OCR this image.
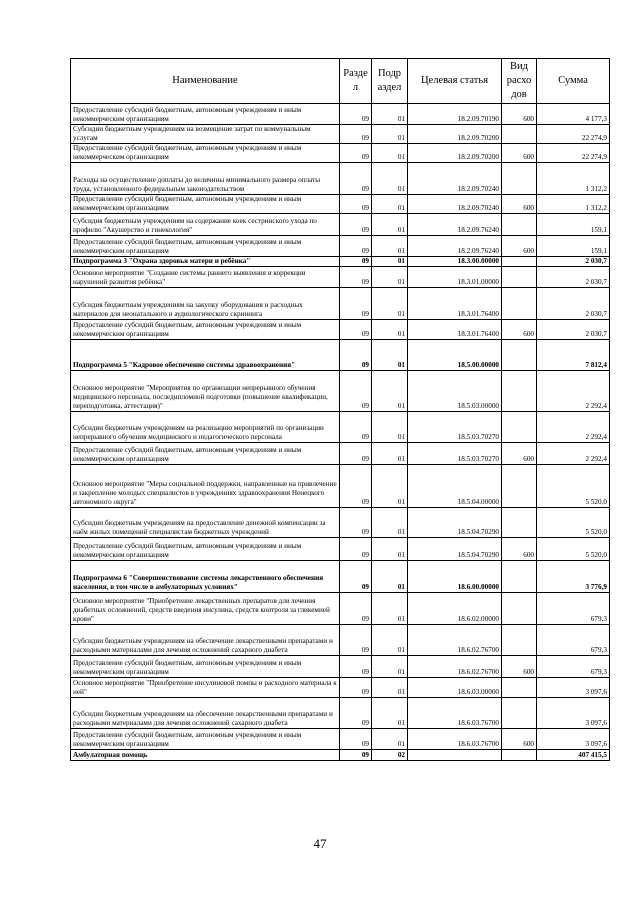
Наименование	Разде л	Подр аздел	Целевая статья	Вид расхо дов	Сумма
Предоставление субсидий бюджетным, автономным учреждениям и иным некоммерческим организациям	09	01	18.2.09.70190	600	4 177,3
Субсидии бюджетным учреждениям на возмещение затрат по коммунальным услугам	09	01	18.2.09.70200		22 274,9
Предоставление субсидий бюджетным, автономным учреждениям и иным некоммерческим организациям	09	01	18.2.09.70200	600	22 274,9
Расходы на осуществление доплаты до величины минимального размера оплаты труда, установленного федеральным законодательством	09	01	18.2.09.70240		1 312,2
Предоставление субсидий бюджетным, автономным учреждениям и иным некоммерческим организациям	09	01	18.2.09.70240	600	1 312,2
Субсидия бюджетным учреждениям на содержание коек сестринского ухода по профилю "Акушерство и гинекология"	09	01	18.2.09.76240		159,1
Предоставление субсидий бюджетным, автономным учреждениям и иным некоммерческим организациям	09	01	18.2.09.76240	600	159,1
Подпрограмма 3 "Охрана здоровья матери и ребёнка"	09	01	18.3.00.00000		2 030,7
Основное мероприятие "Создание системы раннего выявления и коррекции нарушений развития ребёнка"	09	01	18.3.01.00000		2 030,7
Субсидия бюджетным учреждениям на закупку оборудования и расходных материалов для неонатального и аудиологического скрининга	09	01	18.3.01.76400		2 030,7
Предоставление субсидий бюджетным, автономным учреждениям и иным некоммерческим организациям	09	01	18.3.01.76400	600	2 030,7
Подпрограмма 5 "Кадровое обеспечение системы здравоохранения"	09	01	18.5.00.00000		7 812,4
Основное мероприятие "Мероприятия по организации непрерывного обучения медицинского персонала, последипломной подготовки (повышение квалификации, переподготовка, аттестация)"	09	01	18.5.03.00000		2 292,4
Субсидии бюджетным учреждениям на реализацию мероприятий по организации непрерывного обучения медицинского и педагогического персонала	09	01	18.5.03.70270		2 292,4
Предоставление субсидий бюджетным, автономным учреждениям и иным некоммерческим организациям	09	01	18.5.03.70270	600	2 292,4
Основное мероприятие "Меры социальной поддержки, направленные на привлечение и закрепление молодых специалистов в учреждениях здравоохранения Ненецкого автономного округа"	09	01	18.5.04.00000		5 520,0
Субсидии бюджетным учреждениям на предоставление денежной компенсации за наём жилых помещений специалистам бюджетных учреждений	09	01	18.5.04.70290		5 520,0
Предоставление субсидий бюджетным, автономным учреждениям и иным некоммерческим организациям	09	01	18.5.04.70290	600	5 520,0
Подпрограмма 6 "Совершенствование системы лекарственного обеспечения населения, в том числе в амбулаторных условиях"	09	01	18.6.00.00000		3 776,9
Основное мероприятие "Приобретение лекарственных препаратов для лечения диабетных осложнений, средств введения инсулина, средств контроля за гликемией крови"	09	01	18.6.02.00000		679,3
Субсидии бюджетным учреждениям на обеспечение лекарственными препаратами и расходными материалами для лечения осложнений сахарного диабета	09	01	18.6.02.76700		679,3
Предоставление субсидий бюджетным, автономным учреждениям и иным некоммерческим организациям	09	01	18.6.02.76700	600	679,3
Основное мероприятие "Приобретение инсулиновой помпы и расходного материала к ней"	09	01	18.6.03.00000		3 097,6
Субсидии бюджетным учреждениям на обеспечение лекарственными препаратами и расходными материалами для лечения осложнений сахарного диабета	09	01	18.6.03.76700		3 097,6
Предоставление субсидий бюджетным, автономным учреждениям и иным некоммерческим организациям	09	01	18.6.03.76700	600	3 097,6
Амбулаторная помощь	09	02			407 415,5
47
